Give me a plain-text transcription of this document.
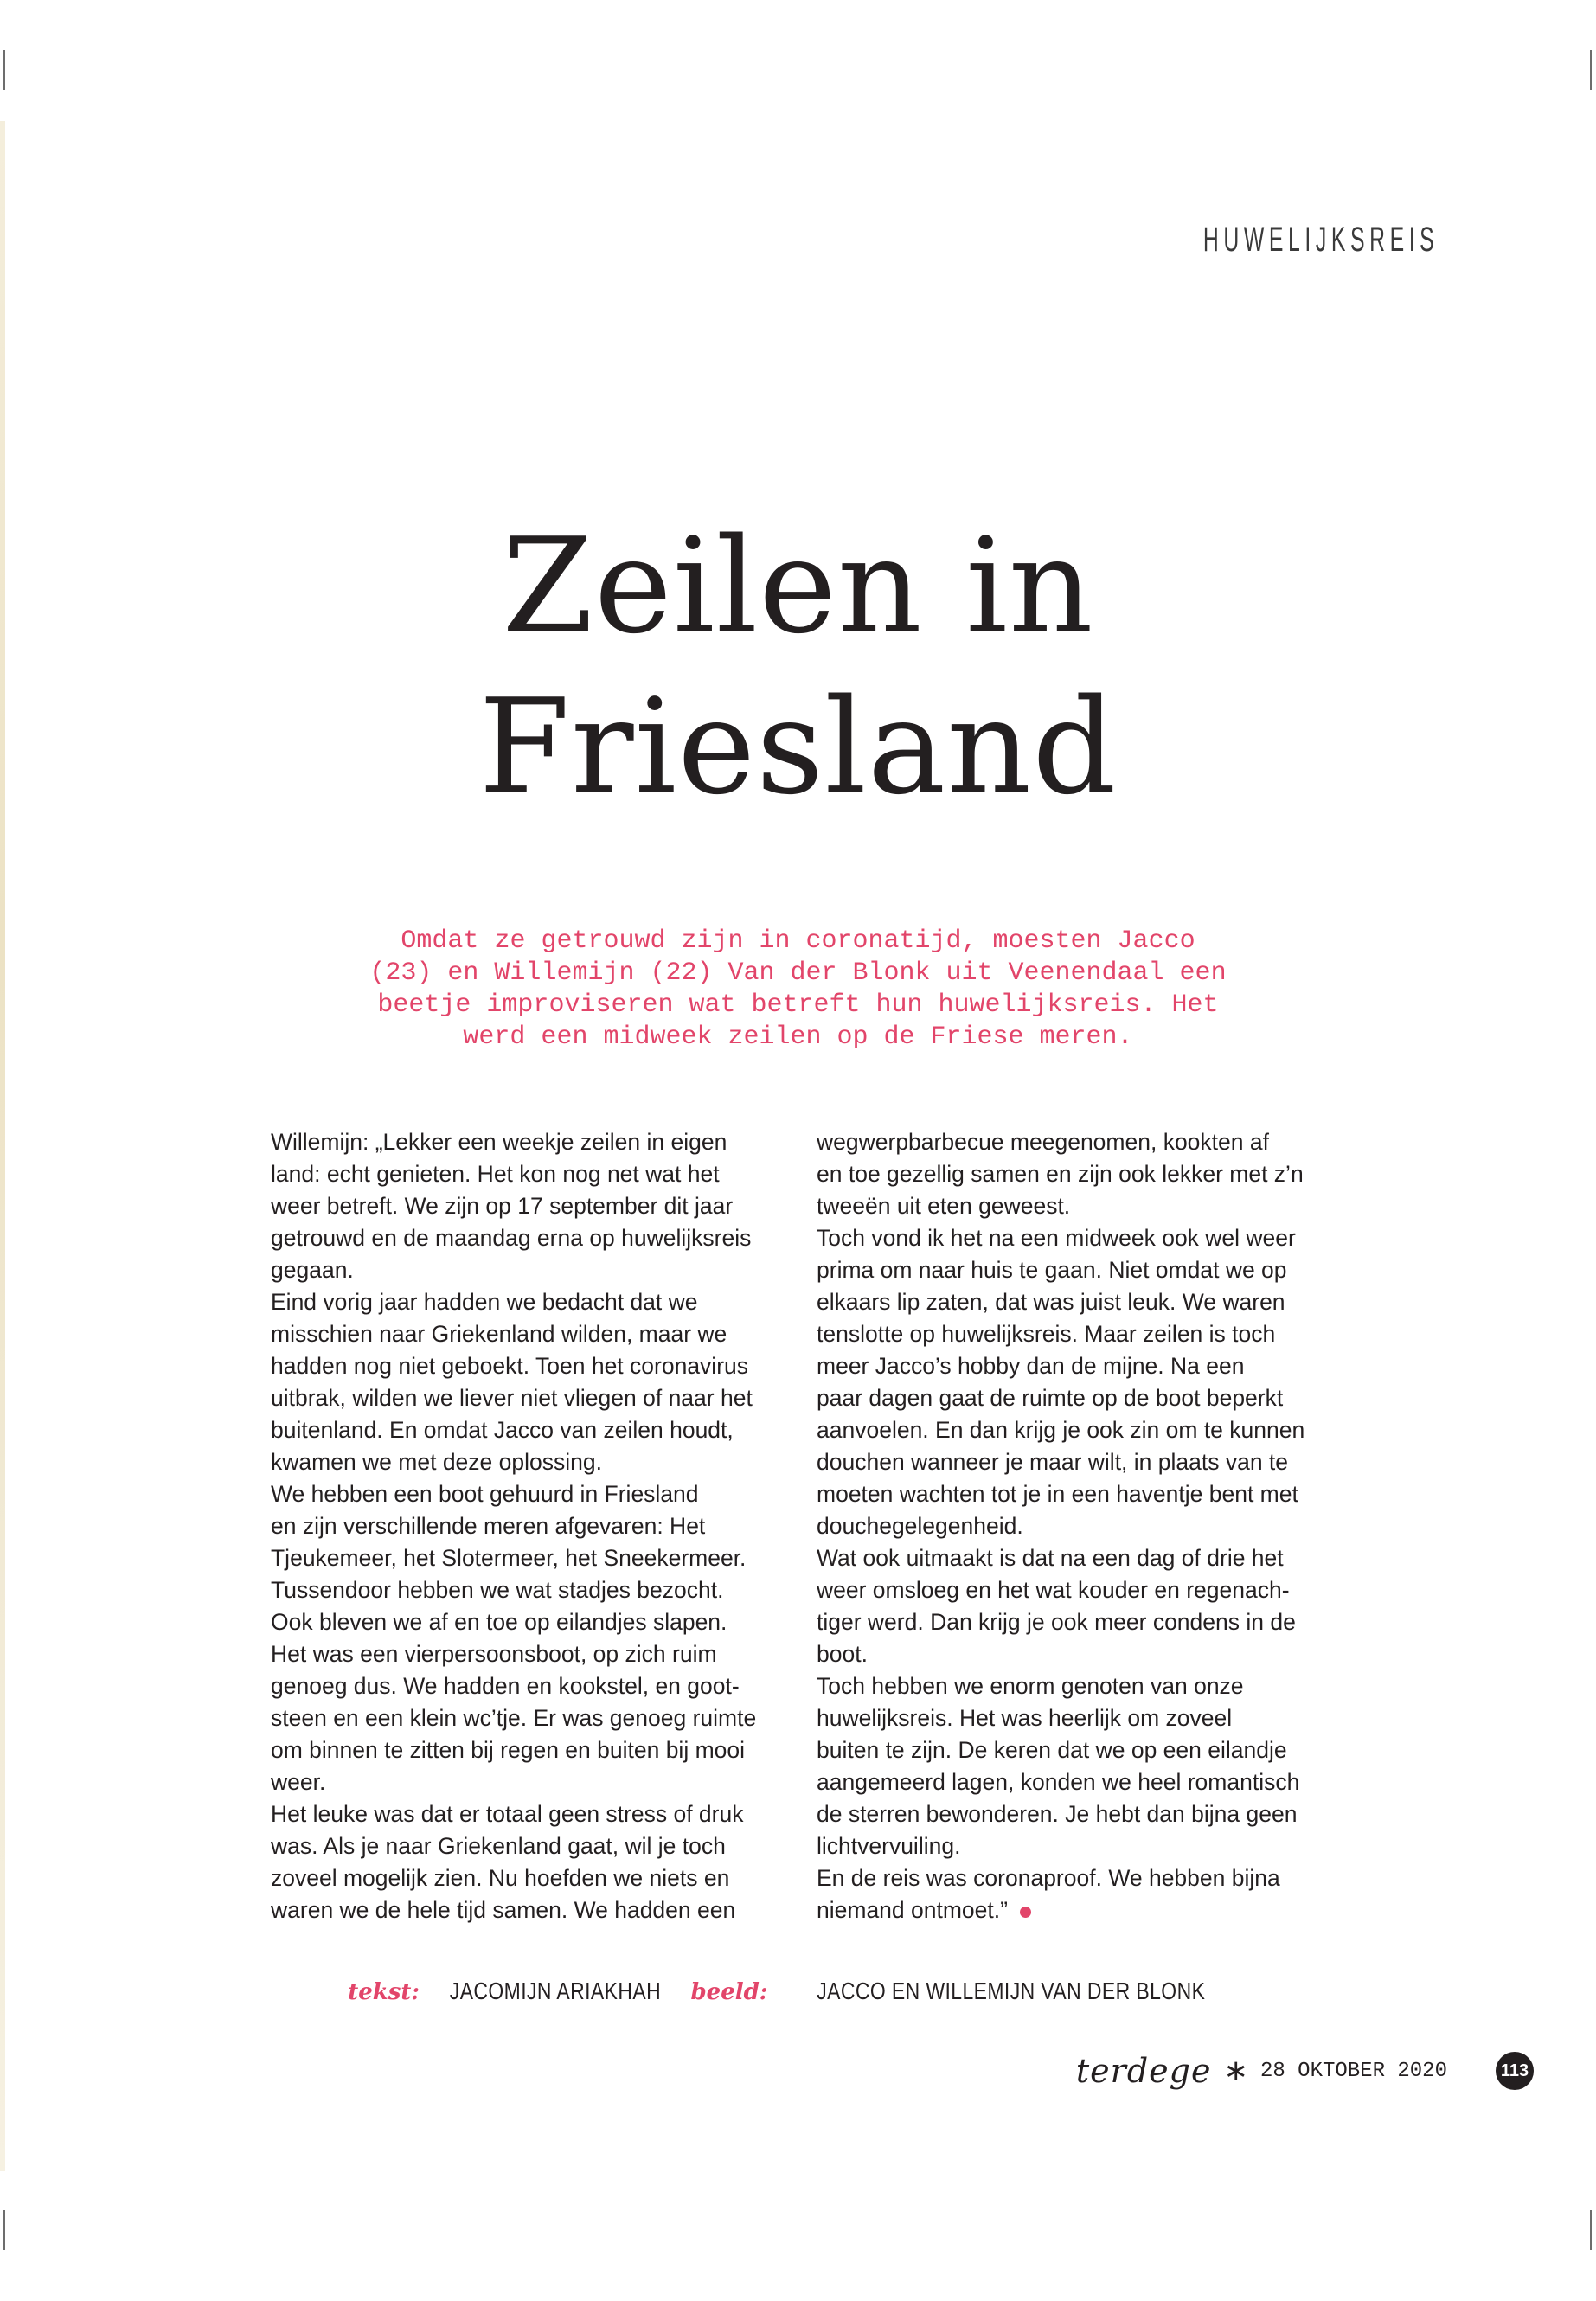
HUWELIJKSREIS
Zeilen in
Friesland

Omdat ze getrouwd zijn in coronatijd, moesten Jacco (23) en Willemijn (22) Van der Blonk uit Veenendaal een beetje improviseren wat betreft hun huwelijksreis. Het werd een midweek zeilen op de Friese meren.

Willemijn: „Lekker een weekje zeilen in eigen

land: echt genieten. Het kon nog net wat het

weer betreft. We zijn op 17 september dit jaar

getrouwd en de maandag erna op huwelijksreis

gegaan.

Eind vorig jaar hadden we bedacht dat we

misschien naar Griekenland wilden, maar we

hadden nog niet geboekt. Toen het coronavirus

uitbrak, wilden we liever niet vliegen of naar het

buitenland. En omdat Jacco van zeilen houdt,

kwamen we met deze oplossing.

We hebben een boot gehuurd in Friesland

en zijn verschillende meren afgevaren: Het

Tjeukemeer, het Slotermeer, het Sneekermeer.

Tussendoor hebben we wat stadjes bezocht.

Ook bleven we af en toe op eilandjes slapen.

Het was een vierpersoonsboot, op zich ruim

genoeg dus. We hadden en kookstel, en goot-

steen en een klein wc’tje. Er was genoeg ruimte

om binnen te zitten bij regen en buiten bij mooi

weer.

Het leuke was dat er totaal geen stress of druk

was. Als je naar Griekenland gaat, wil je toch

zoveel mogelijk zien. Nu hoefden we niets en

waren we de hele tijd samen. We hadden een

wegwerpbarbecue meegenomen, kookten af

en toe gezellig samen en zijn ook lekker met z’n

tweeën uit eten geweest.

Toch vond ik het na een midweek ook wel weer

prima om naar huis te gaan. Niet omdat we op

elkaars lip zaten, dat was juist leuk. We waren

tenslotte op huwelijksreis. Maar zeilen is toch

meer Jacco’s hobby dan de mijne. Na een

paar dagen gaat de ruimte op de boot beperkt

aanvoelen. En dan krijg je ook zin om te kunnen

douchen wanneer je maar wilt, in plaats van te

moeten wachten tot je in een haventje bent met

douchegelegenheid.

Wat ook uitmaakt is dat na een dag of drie het

weer omsloeg en het wat kouder en regenach-

tiger werd. Dan krijg je ook meer condens in de

boot.

Toch hebben we enorm genoten van onze

huwelijksreis. Het was heerlijk om zoveel

buiten te zijn. De keren dat we op een eilandje

aangemeerd lagen, konden we heel romantisch

de sterren bewonderen. Je hebt dan bijna geen

lichtvervuiling.

En de reis was coronaproof. We hebben bijna

niemand ontmoet.”

tekst: JACOMIJN ARIAKHAH beeld: JACCO EN WILLEMIJN VAN DER BLONK
terdege ∗ 28 OKTOBER 2020	113
